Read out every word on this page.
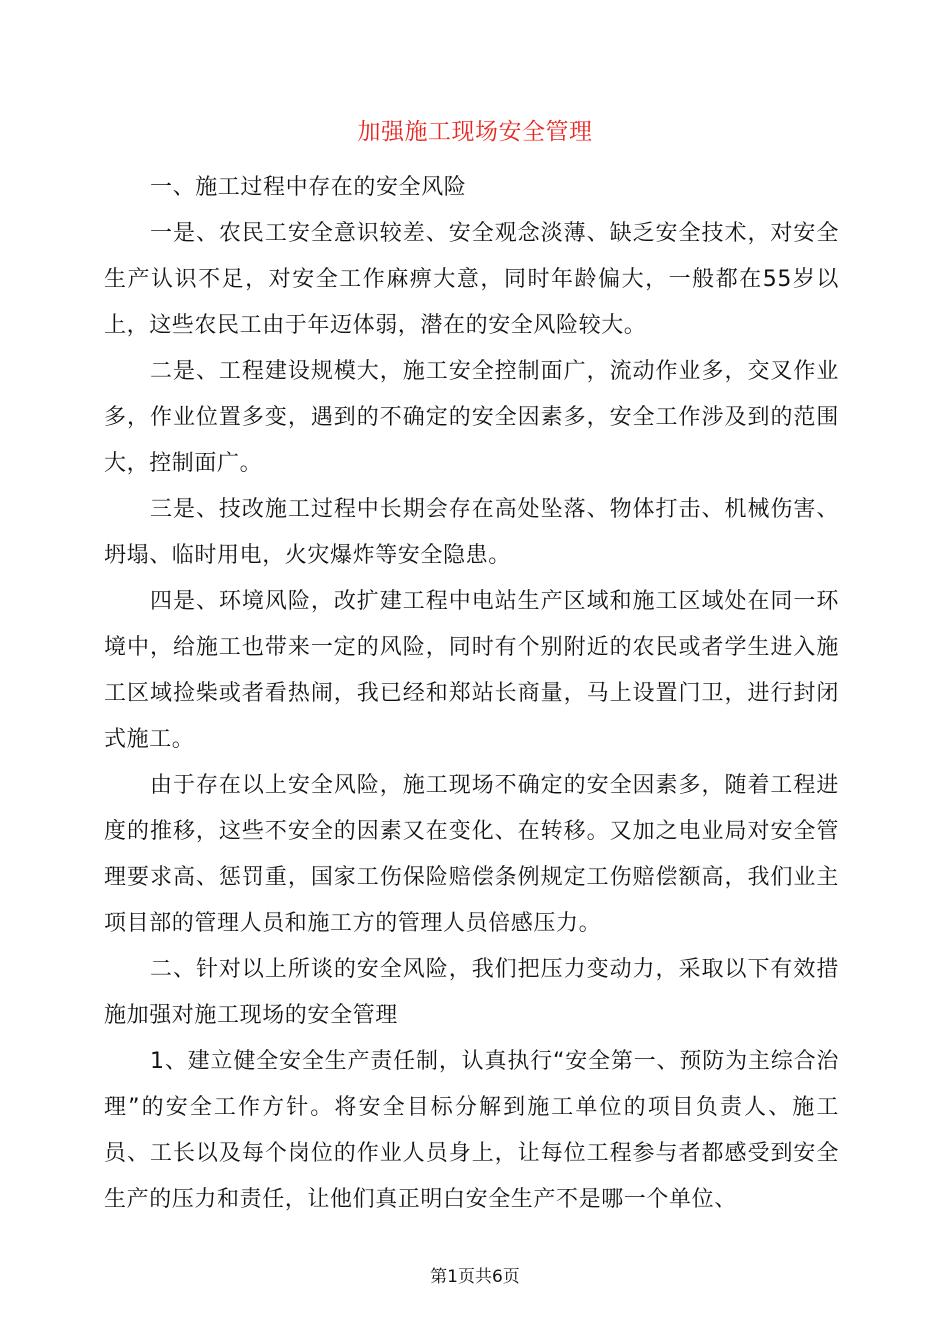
加强施工现场安全管理

一、施工过程中存在的安全风险

一是、农民工安全意识较差、安全观念淡薄、缺乏安全技术，对安全生产认识不足，对安全工作麻痹大意，同时年龄偏大，一般都在55岁以上，这些农民工由于年迈体弱，潜在的安全风险较大。

二是、工程建设规模大，施工安全控制面广，流动作业多，交叉作业多，作业位置多变，遇到的不确定的安全因素多，安全工作涉及到的范围大，控制面广。

三是、技改施工过程中长期会存在高处坠落、物体打击、机械伤害、坍塌、临时用电，火灾爆炸等安全隐患。

四是、环境风险，改扩建工程中电站生产区域和施工区域处在同一环境中，给施工也带来一定的风险，同时有个别附近的农民或者学生进入施工区域捡柴或者看热闹，我已经和郑站长商量，马上设置门卫，进行封闭式施工。

由于存在以上安全风险，施工现场不确定的安全因素多，随着工程进度的推移，这些不安全的因素又在变化、在转移。又加之电业局对安全管理要求高、惩罚重，国家工伤保险赔偿条例规定工伤赔偿额高，我们业主项目部的管理人员和施工方的管理人员倍感压力。

二、针对以上所谈的安全风险，我们把压力变动力，采取以下有效措施加强对施工现场的安全管理

1、建立健全安全生产责任制，认真执行“安全第一、预防为主综合治理”的安全工作方针。将安全目标分解到施工单位的项目负责人、施工员、工长以及每个岗位的作业人员身上，让每位工程参与者都感受到安全生产的压力和责任，让他们真正明白安全生产不是哪一个单位、

第1页共6页
